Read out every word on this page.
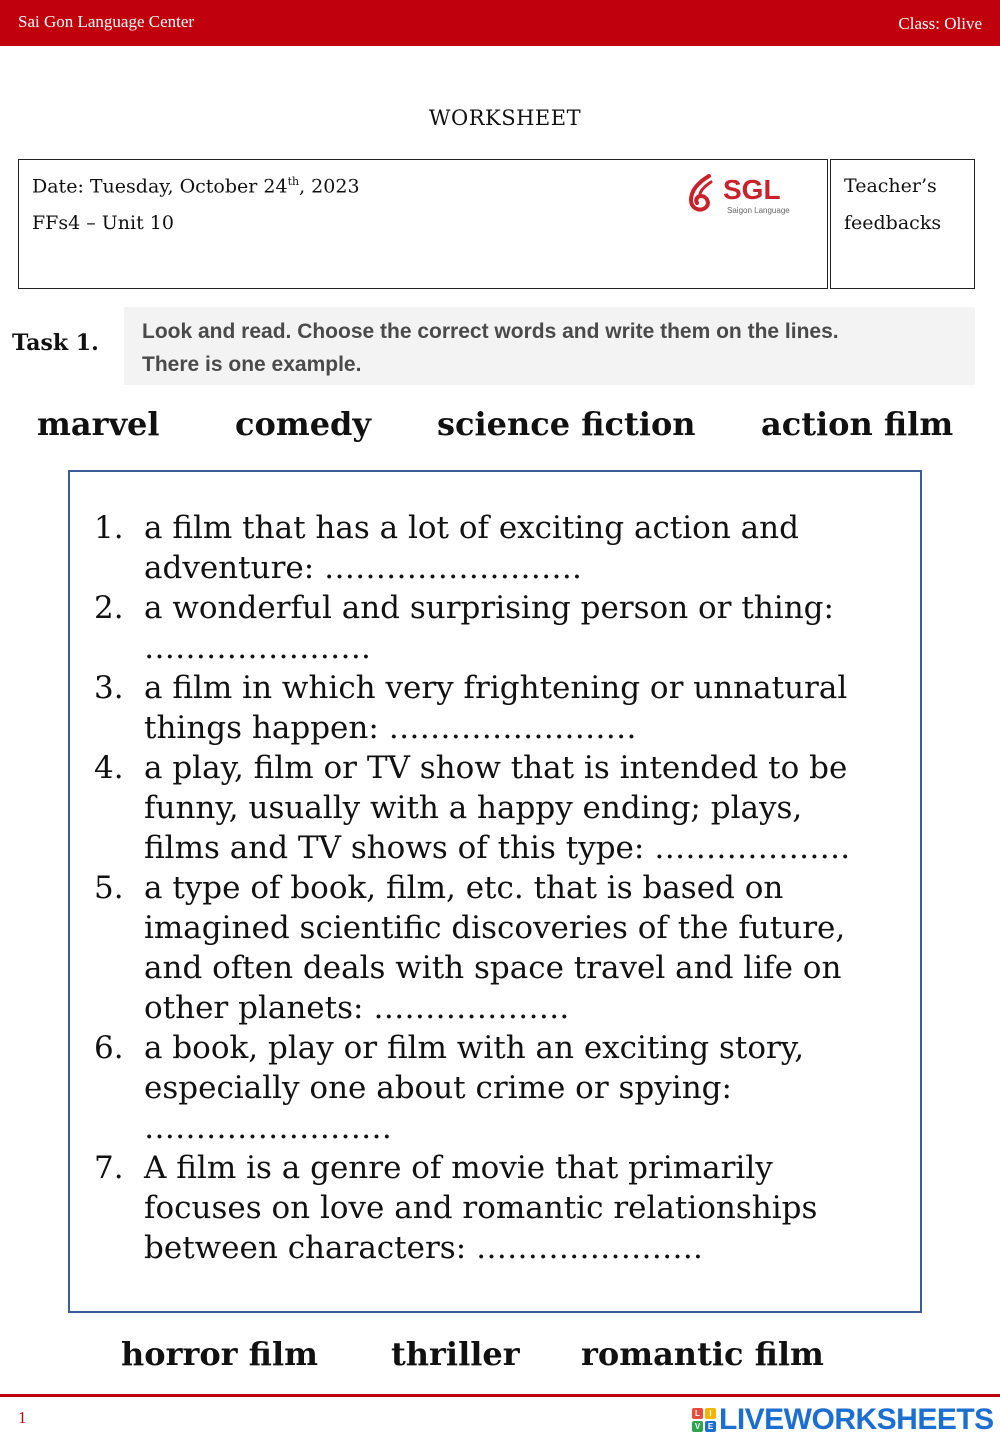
Sai Gon Language Center	Class: Olive
WORKSHEET
Date: Tuesday, October 24th, 2023
FFs4 – Unit 10
SGL
Saigon Language
Teacher’s
feedbacks
Task 1. Look and read. Choose the correct words and write them on the lines.
There is one example.
marvel comedy science fiction action film
1. a film that has a lot of exciting action and
adventure: …………………….
2. a wonderful and surprising person or thing:
………………….
3. a film in which very frightening or unnatural
things happen: ……………………
4. a play, film or TV show that is intended to be
funny, usually with a happy ending; plays,
films and TV shows of this type: ……………….
5. a type of book, film, etc. that is based on
imagined scientific discoveries of the future,
and often deals with space travel and life on
other planets: ……………….
6. a book, play or film with an exciting story,
especially one about crime or spying:
……………………
7. A film is a genre of movie that primarily
focuses on love and romantic relationships
between characters: ………………….
horror film thriller romantic film
1	L	I
V E LIVEWORKSHEETS
